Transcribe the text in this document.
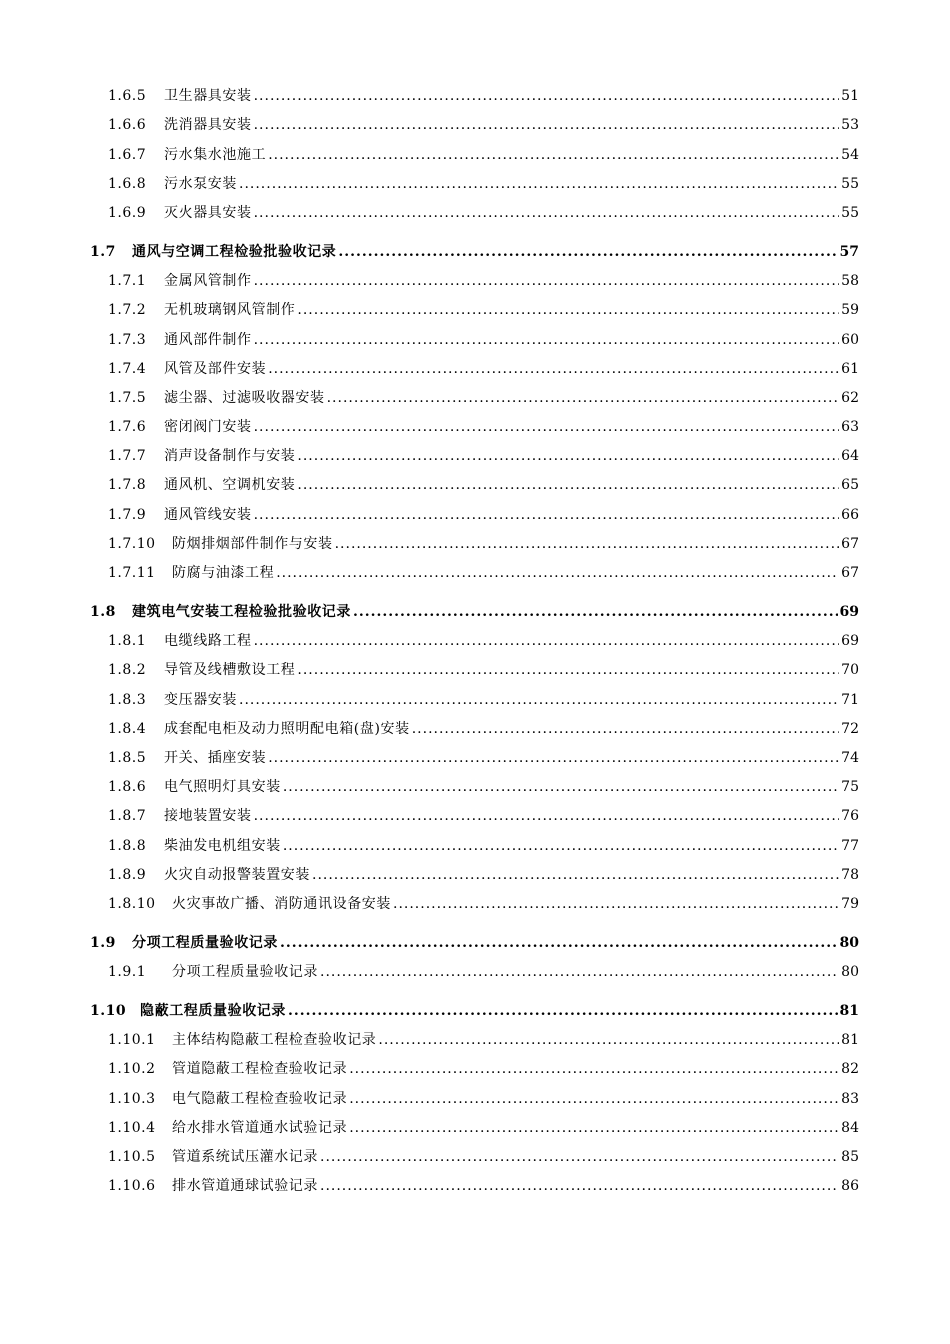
1.6.5	卫生器具安装 .....	51
1.6.6	洗消器具安装 .....	53
1.6.7	污水集水池施工 .....	54
1.6.8	污水泵安装 .....	55
1.6.9	灭火器具安装 .....	55
1.7	通风与空调工程检验批验收记录 .....	57
1.7.1	金属风管制作 .....	58
1.7.2	无机玻璃钢风管制作 .....	59
1.7.3	通风部件制作 .....	60
1.7.4	风管及部件安装 .....	61
1.7.5	滤尘器、过滤吸收器安装 .....	62
1.7.6	密闭阀门安装 .....	63
1.7.7	消声设备制作与安装 .....	64
1.7.8	通风机、空调机安装 .....	65
1.7.9	通风管线安装 .....	66
1.7.10	防烟排烟部件制作与安装 .....	67
1.7.11	防腐与油漆工程 .....	67
1.8	建筑电气安装工程检验批验收记录 .....	69
1.8.1	电缆线路工程 .....	69
1.8.2	导管及线槽敷设工程 .....	70
1.8.3	变压器安装 .....	71
1.8.4	成套配电柜及动力照明配电箱(盘)安装 .....	72
1.8.5	开关、插座安装 .....	74
1.8.6	电气照明灯具安装 .....	75
1.8.7	接地装置安装 .....	76
1.8.8	柴油发电机组安装 .....	77
1.8.9	火灾自动报警装置安装 .....	78
1.8.10	火灾事故广播、消防通讯设备安装 .....	79
1.9	分项工程质量验收记录 .....	80
1.9.1	分项工程质量验收记录 .....	80
1.10 隐蔽工程质量验收记录 .....	81
1.10.1	主体结构隐蔽工程检查验收记录 .....	81
1.10.2	管道隐蔽工程检查验收记录 .....	82
1.10.3	电气隐蔽工程检查验收记录 .....	83
1.10.4	给水排水管道通水试验记录 .....	84
1.10.5	管道系统试压灌水记录 .....	85
1.10.6	排水管道通球试验记录 .....	86
